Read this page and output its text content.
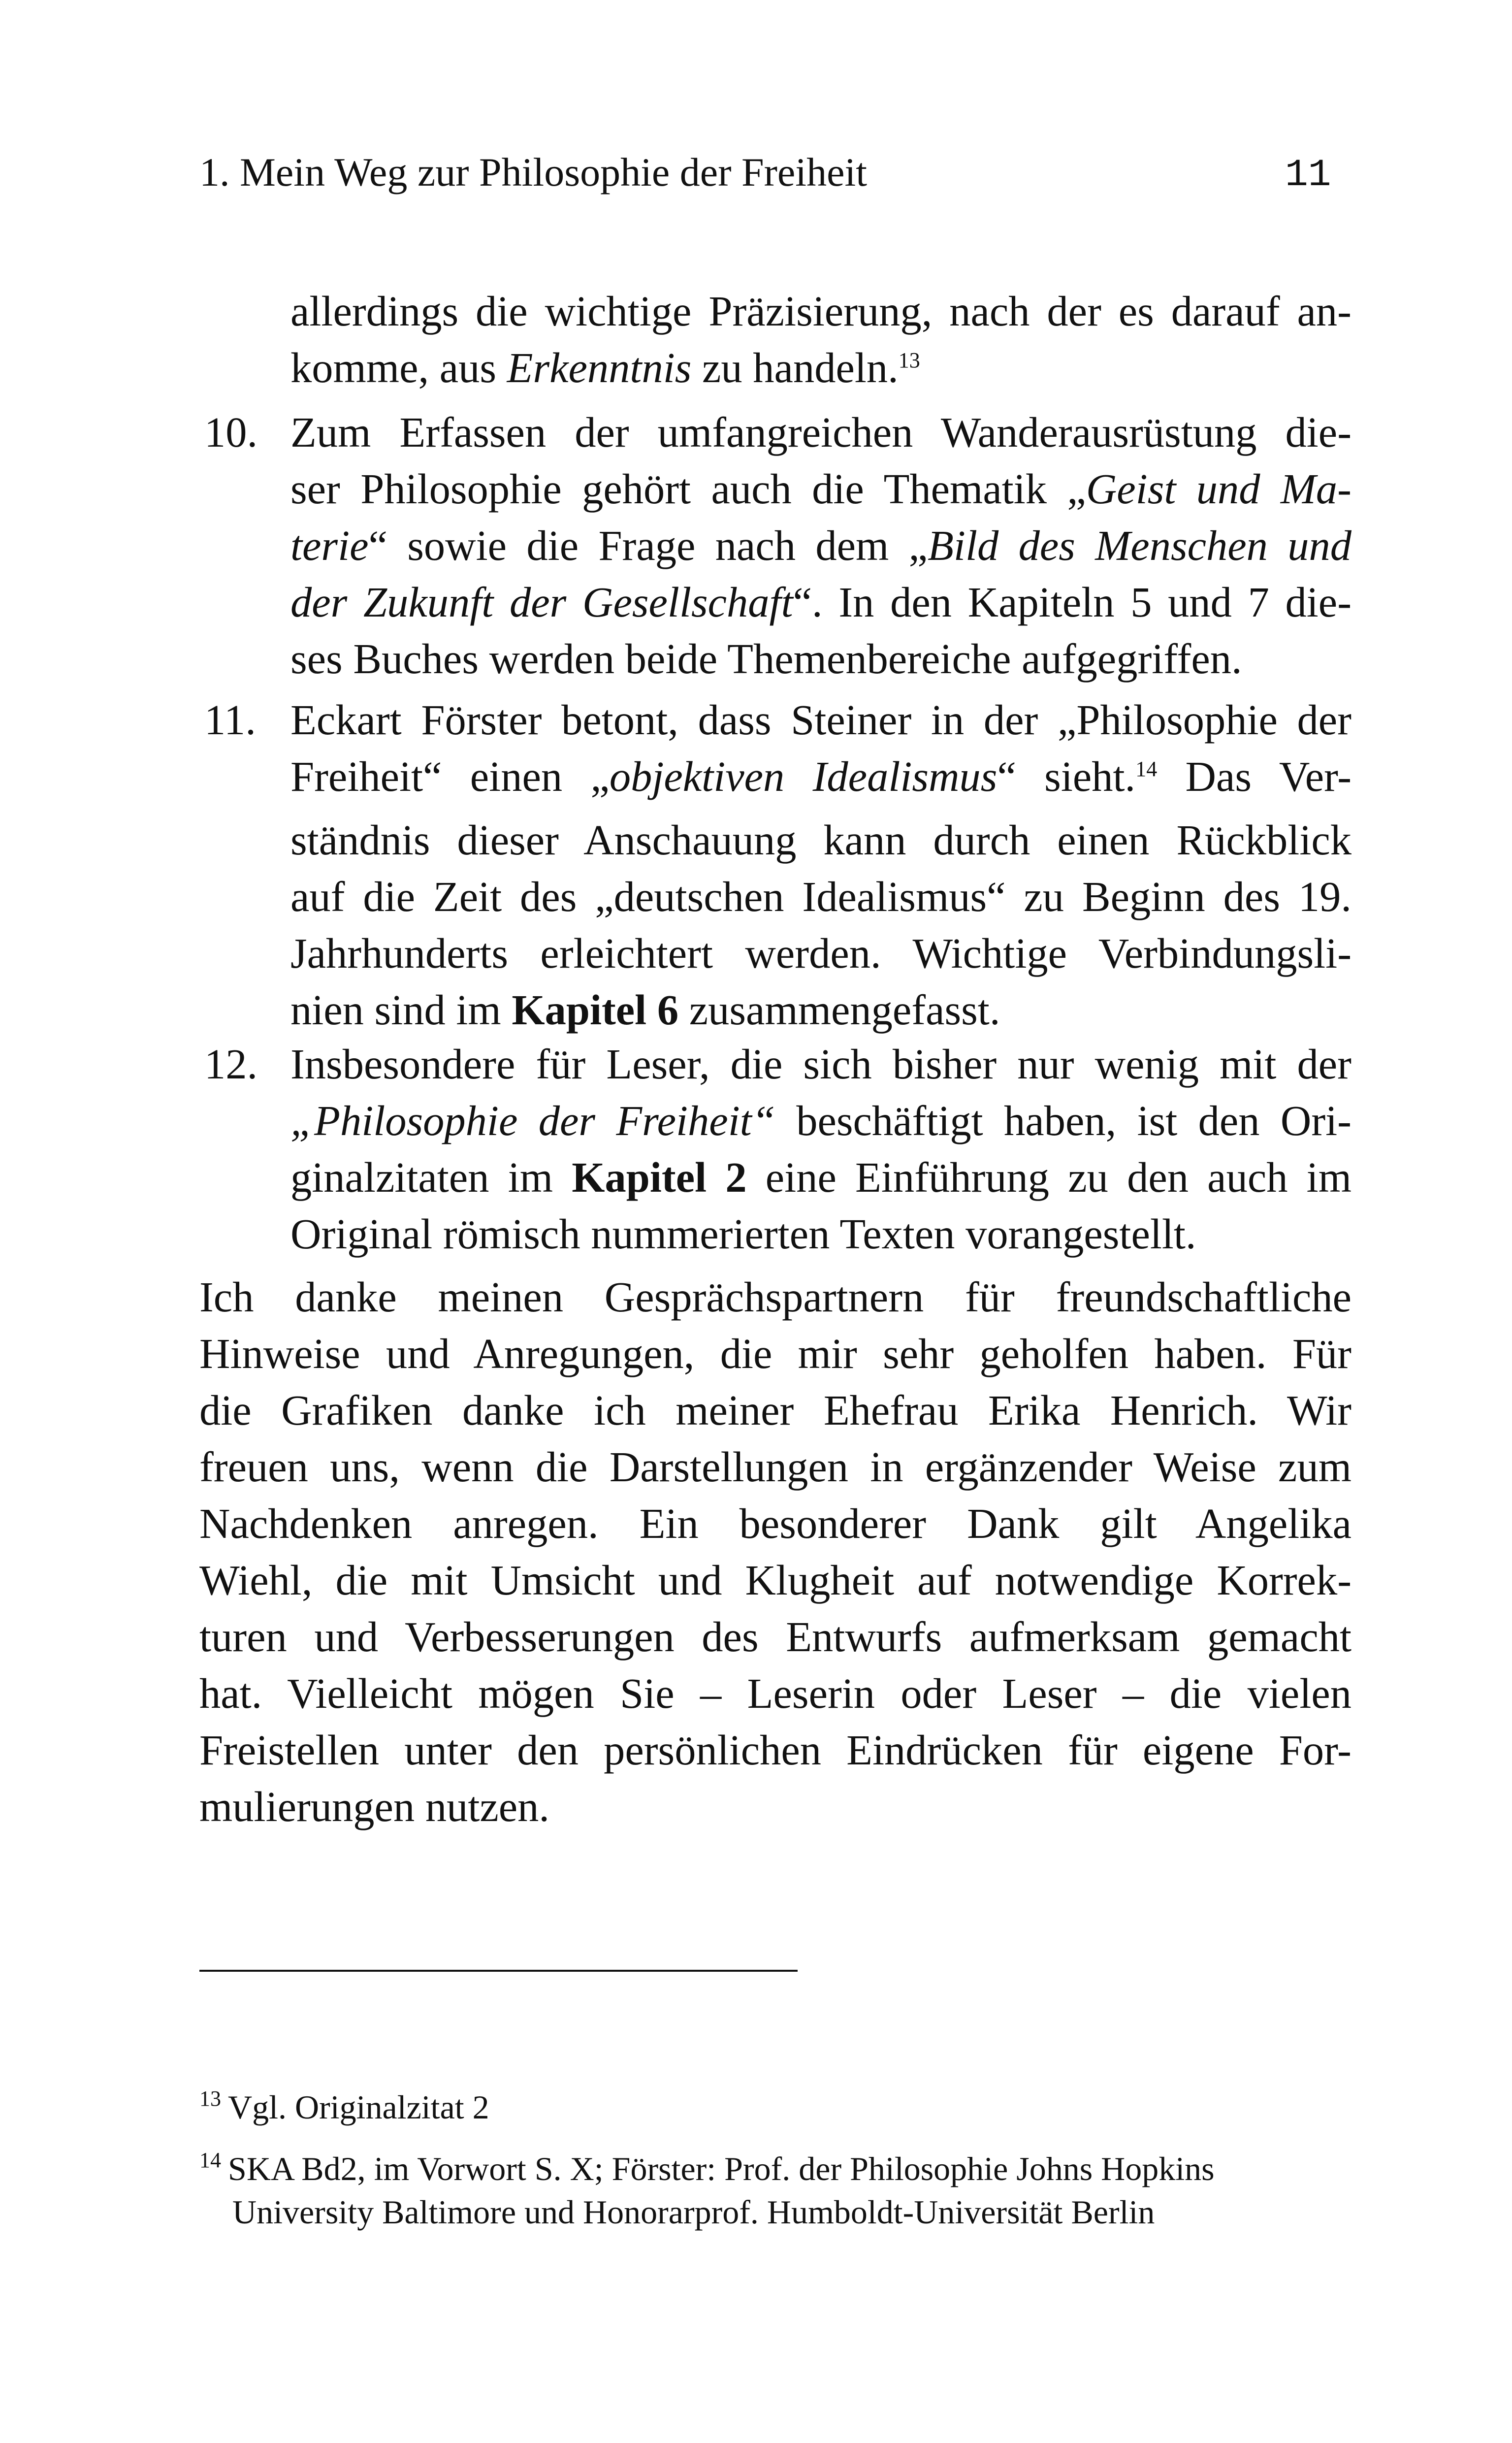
1. Mein Weg zur Philosophie der Freiheit	11
allerdings die wichtige Präzisierung, nach der es darauf an-
komme, aus Erkenntnis zu handeln.$^{13}$
10. Zum Erfassen der umfangreichen Wanderausrüstung die-
ser Philosophie gehört auch die Thematik „Geist und Ma-
terie“ sowie die Frage nach dem „Bild des Menschen und
der Zukunft der Gesellschaft“. In den Kapiteln 5 und 7 die-
ses Buches werden beide Themenbereiche aufgegriffen.
11. Eckart Förster betont, dass Steiner in der „Philosophie der
Freiheit“ einen „objektiven Idealismus“ sieht.$^{14}$ Das Ver-
ständnis dieser Anschauung kann durch einen Rückblick
auf die Zeit des „deutschen Idealismus“ zu Beginn des 19.
Jahrhunderts erleichtert werden. Wichtige Verbindungsli-
nien sind im Kapitel 6 zusammengefasst.
12. Insbesondere für Leser, die sich bisher nur wenig mit der
„Philosophie der Freiheit“ beschäftigt haben, ist den Ori-
ginalzitaten im Kapitel 2 eine Einführung zu den auch im
Original römisch nummerierten Texten vorangestellt.
Ich danke meinen Gesprächspartnern für freundschaftliche
Hinweise und Anregungen, die mir sehr geholfen haben. Für
die Grafiken danke ich meiner Ehefrau Erika Henrich. Wir
freuen uns, wenn die Darstellungen in ergänzender Weise zum
Nachdenken anregen. Ein besonderer Dank gilt Angelika
Wiehl, die mit Umsicht und Klugheit auf notwendige Korrek-
turen und Verbesserungen des Entwurfs aufmerksam gemacht
hat. Vielleicht mögen Sie – Leserin oder Leser – die vielen
Freistellen unter den persönlichen Eindrücken für eigene For-
mulierungen nutzen.
$^{13}$ Vgl. Originalzitat 2
$^{14}$ SKA Bd2, im Vorwort S. X; Förster: Prof. der Philosophie Johns Hopkins
University Baltimore und Honorarprof. Humboldt-Universität Berlin
